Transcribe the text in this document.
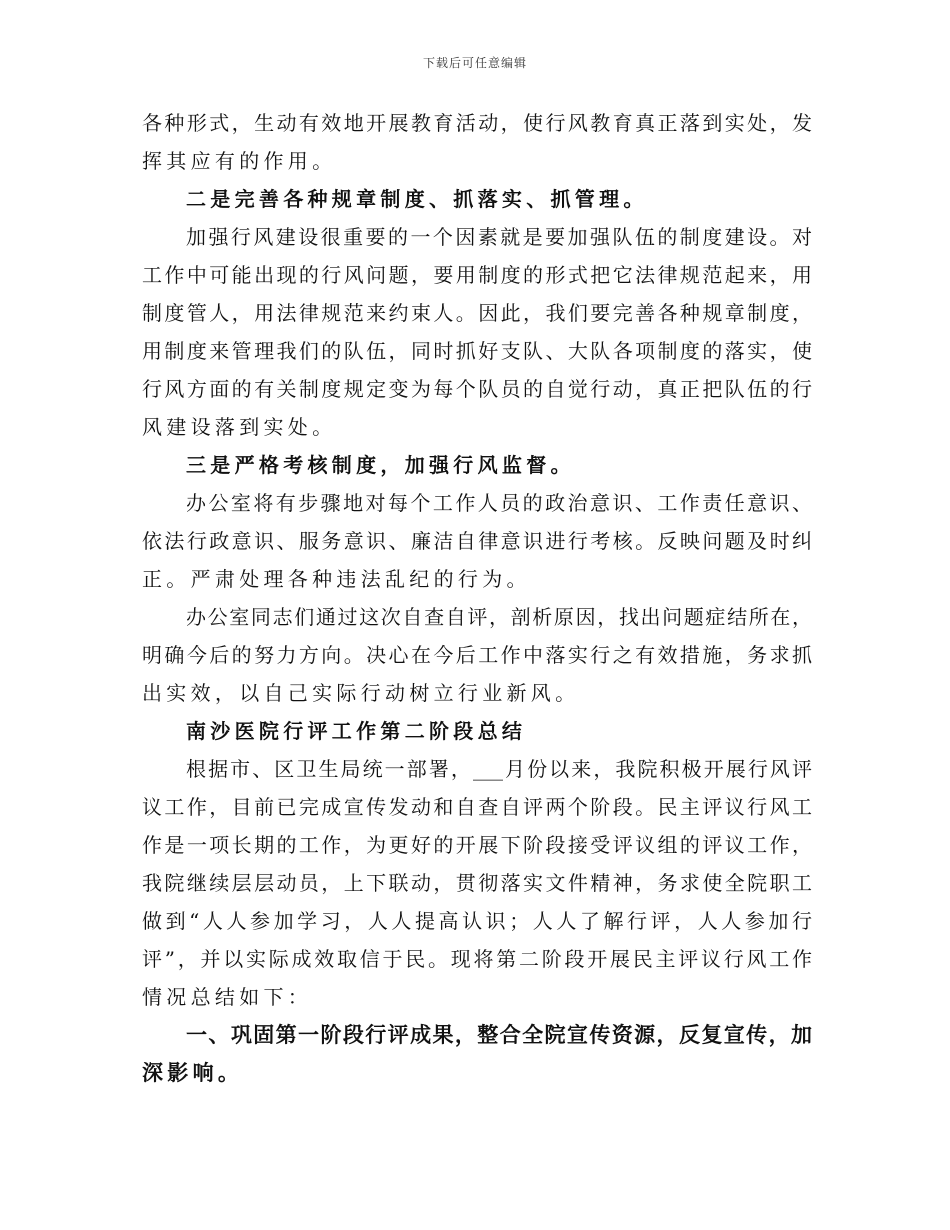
下载后可任意编辑
各种形式，生动有效地开展教育活动，使行风教育真正落到实处，发
挥其应有的作用。
二是完善各种规章制度、抓落实、抓管理。
加强行风建设很重要的一个因素就是要加强队伍的制度建设。对
工作中可能出现的行风问题，要用制度的形式把它法律规范起来，用
制度管人，用法律规范来约束人。因此，我们要完善各种规章制度，
用制度来管理我们的队伍，同时抓好支队、大队各项制度的落实，使
行风方面的有关制度规定变为每个队员的自觉行动，真正把队伍的行
风建设落到实处。
三是严格考核制度，加强行风监督。
办公室将有步骤地对每个工作人员的政治意识、工作责任意识、
依法行政意识、服务意识、廉洁自律意识进行考核。反映问题及时纠
正。严肃处理各种违法乱纪的行为。
办公室同志们通过这次自查自评，剖析原因，找出问题症结所在，
明确今后的努力方向。决心在今后工作中落实行之有效措施，务求抓
出实效，以自己实际行动树立行业新风。
南沙医院行评工作第二阶段总结
根据市、区卫生局统一部署，___月份以来，我院积极开展行风评
议工作，目前已完成宣传发动和自查自评两个阶段。民主评议行风工
作是一项长期的工作，为更好的开展下阶段接受评议组的评议工作，
我院继续层层动员，上下联动，贯彻落实文件精神，务求使全院职工
做到“人人参加学习，人人提高认识；人人了解行评，人人参加行
评”，并以实际成效取信于民。现将第二阶段开展民主评议行风工作
情况总结如下：
一、巩固第一阶段行评成果，整合全院宣传资源，反复宣传，加
深影响。
